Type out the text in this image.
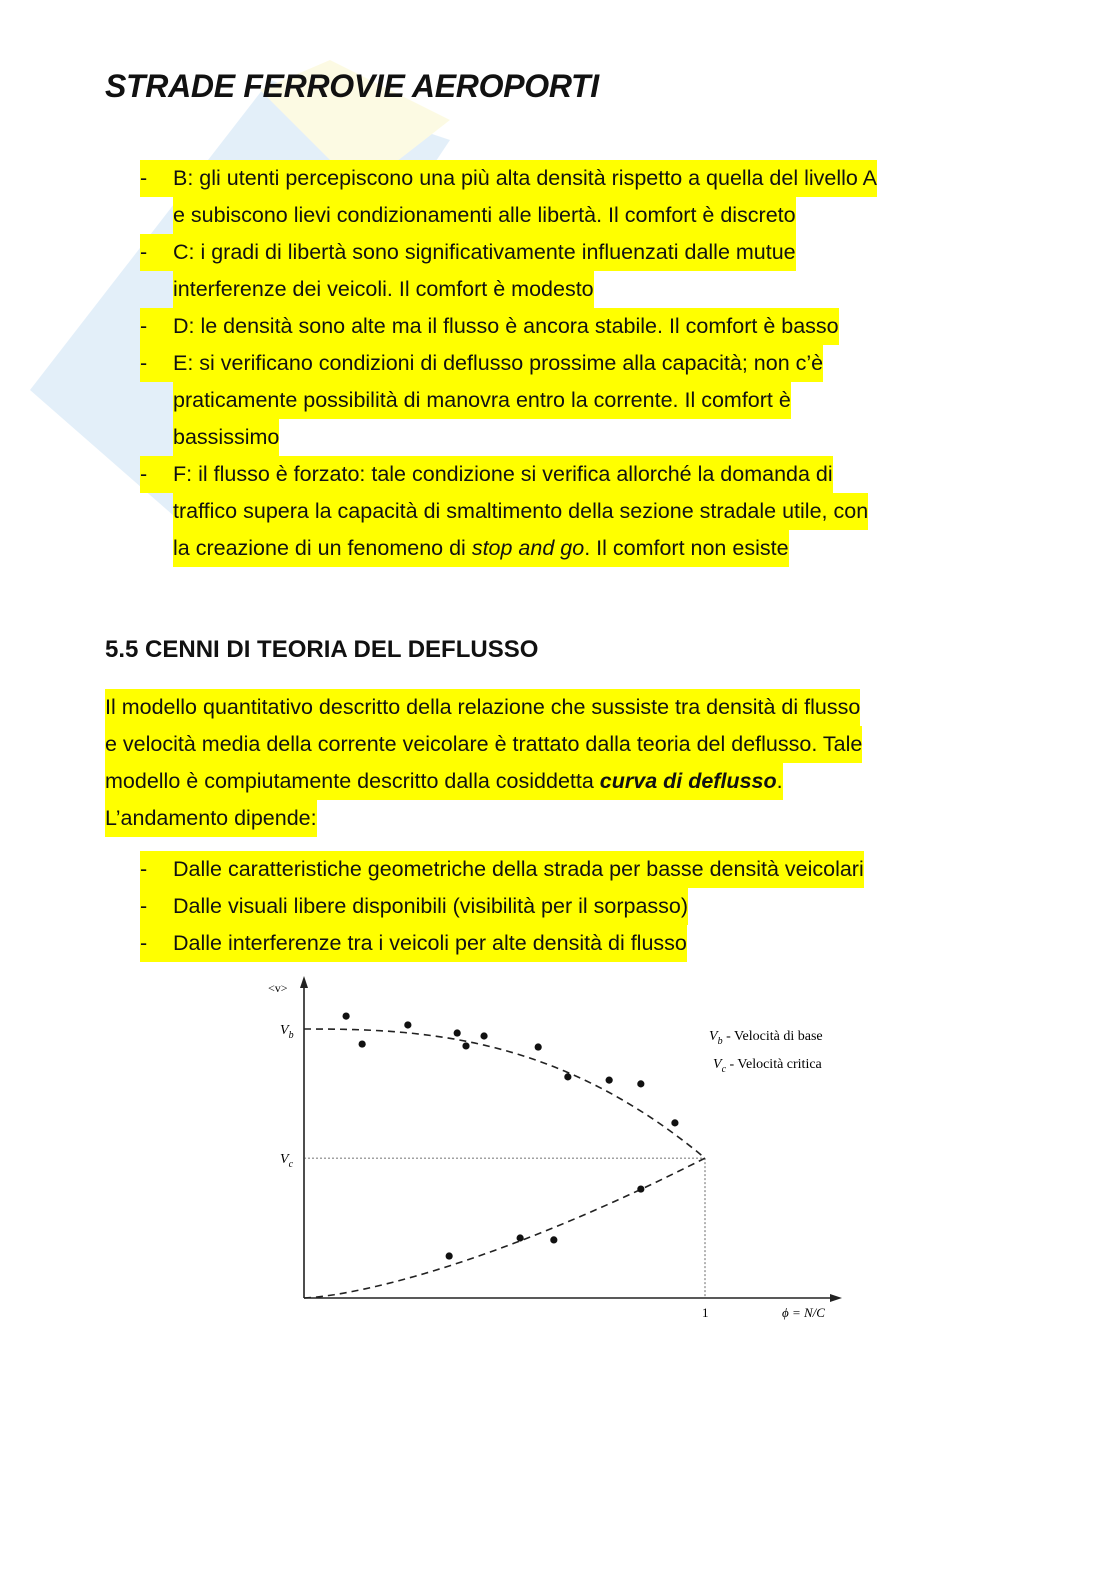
STRADE FERROVIE AEROPORTI
-	B: gli utenti percepiscono una più alta densità rispetto a quella del livello A
e subiscono lievi condizionamenti alle libertà. Il comfort è discreto
-	C: i gradi di libertà sono significativamente influenzati dalle mutue
interferenze dei veicoli. Il comfort è modesto
-	D: le densità sono alte ma il flusso è ancora stabile. Il comfort è basso
-	E: si verificano condizioni di deflusso prossime alla capacità; non c’è
praticamente possibilità di manovra entro la corrente. Il comfort è
bassissimo
-	F: il flusso è forzato: tale condizione si verifica allorché la domanda di
traffico supera la capacità di smaltimento della sezione stradale utile, con
la creazione di un fenomeno di stop and go. Il comfort non esiste
5.5 CENNI DI TEORIA DEL DEFLUSSO
Il modello quantitativo descritto della relazione che sussiste tra densità di flusso
e velocità media della corrente veicolare è trattato dalla teoria del deflusso. Tale
modello è compiutamente descritto dalla cosiddetta curva di deflusso.
L’andamento dipende:
-	Dalle caratteristiche geometriche della strada per basse densità veicolari
-	Dalle visuali libere disponibili (visibilità per il sorpasso)
-	Dalle interferenze tra i veicoli per alte densità di flusso
<v>
ϕ = N/C
1
$V_b$
$V_c$
$V_b$ - Velocità di base
$V_c$ - Velocità critica
